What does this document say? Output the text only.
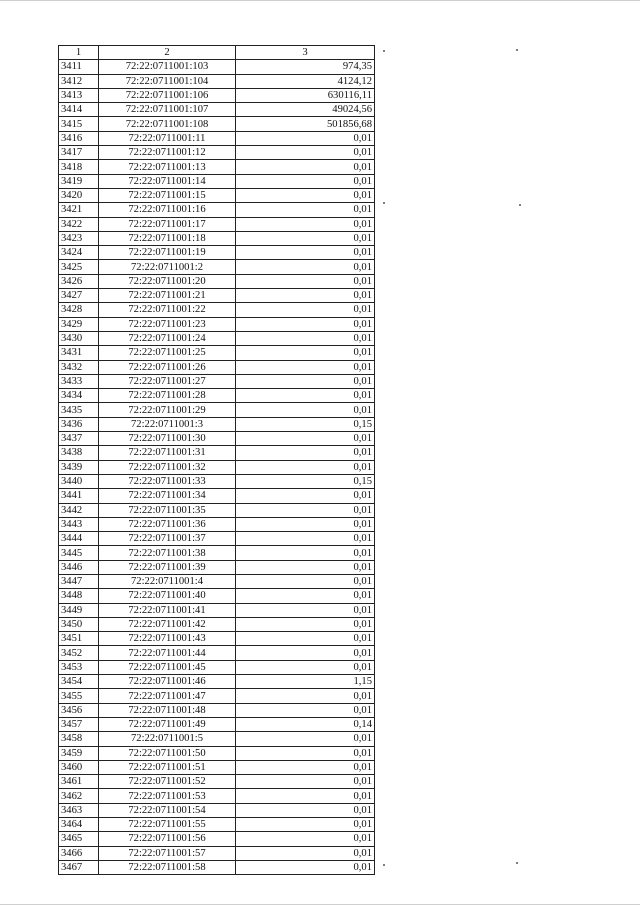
1	2	3
3411	72:22:0711001:103	974,35
3412	72:22:0711001:104	4124,12
3413	72:22:0711001:106	630116,11
3414	72:22:0711001:107	49024,56
3415	72:22:0711001:108	501856,68
3416	72:22:0711001:11	0,01
3417	72:22:0711001:12	0,01
3418	72:22:0711001:13	0,01
3419	72:22:0711001:14	0,01
3420	72:22:0711001:15	0,01
3421	72:22:0711001:16	0,01
3422	72:22:0711001:17	0,01
3423	72:22:0711001:18	0,01
3424	72:22:0711001:19	0,01
3425	72:22:0711001:2	0,01
3426	72:22:0711001:20	0,01
3427	72:22:0711001:21	0,01
3428	72:22:0711001:22	0,01
3429	72:22:0711001:23	0,01
3430	72:22:0711001:24	0,01
3431	72:22:0711001:25	0,01
3432	72:22:0711001:26	0,01
3433	72:22:0711001:27	0,01
3434	72:22:0711001:28	0,01
3435	72:22:0711001:29	0,01
3436	72:22:0711001:3	0,15
3437	72:22:0711001:30	0,01
3438	72:22:0711001:31	0,01
3439	72:22:0711001:32	0,01
3440	72:22:0711001:33	0,15
3441	72:22:0711001:34	0,01
3442	72:22:0711001:35	0,01
3443	72:22:0711001:36	0,01
3444	72:22:0711001:37	0,01
3445	72:22:0711001:38	0,01
3446	72:22:0711001:39	0,01
3447	72:22:0711001:4	0,01
3448	72:22:0711001:40	0,01
3449	72:22:0711001:41	0,01
3450	72:22:0711001:42	0,01
3451	72:22:0711001:43	0,01
3452	72:22:0711001:44	0,01
3453	72:22:0711001:45	0,01
3454	72:22:0711001:46	1,15
3455	72:22:0711001:47	0,01
3456	72:22:0711001:48	0,01
3457	72:22:0711001:49	0,14
3458	72:22:0711001:5	0,01
3459	72:22:0711001:50	0,01
3460	72:22:0711001:51	0,01
3461	72:22:0711001:52	0,01
3462	72:22:0711001:53	0,01
3463	72:22:0711001:54	0,01
3464	72:22:0711001:55	0,01
3465	72:22:0711001:56	0,01
3466	72:22:0711001:57	0,01
3467	72:22:0711001:58	0,01
